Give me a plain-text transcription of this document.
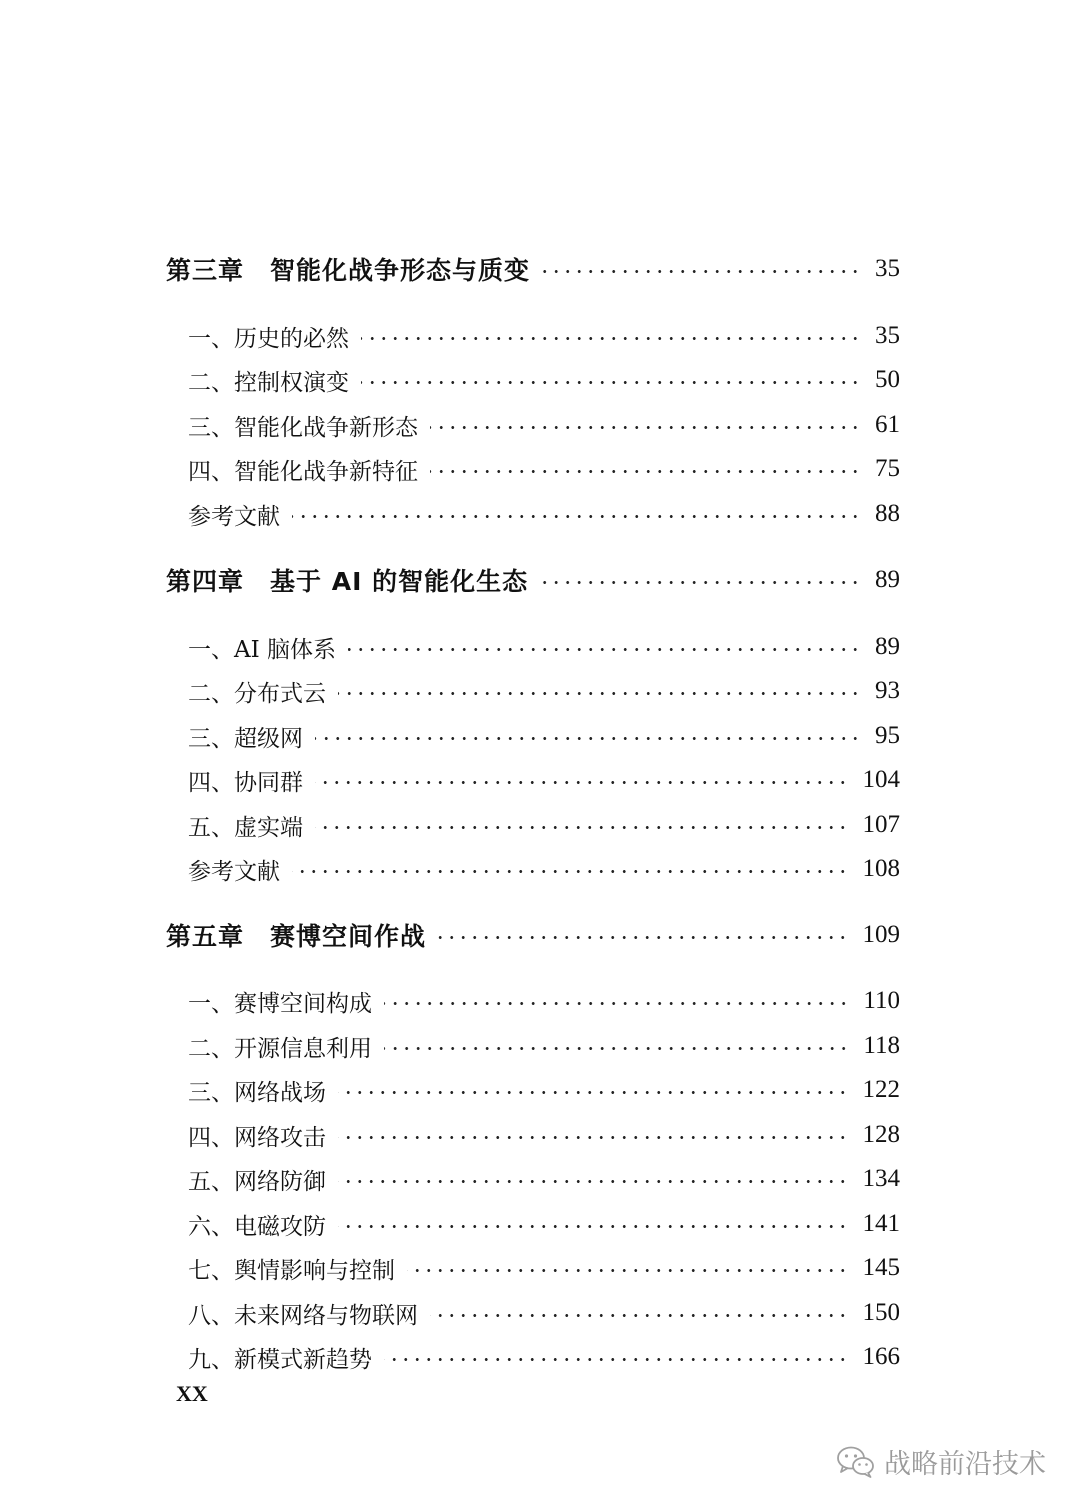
第三章 智能化战争形态与质变	35
一、历史的必然	35
二、控制权演变	50
三、智能化战争新形态	61
四、智能化战争新特征	75
参考文献	88
第四章 基于 AI 的智能化生态	89
一、AI 脑体系	89
二、分布式云	93
三、超级网	95
四、协同群	104
五、虚实端	107
参考文献	108
第五章 赛博空间作战	109
一、赛博空间构成	110
二、开源信息利用	118
三、网络战场	122
四、网络攻击	128
五、网络防御	134
六、电磁攻防	141
七、舆情影响与控制	145
八、未来网络与物联网	150
九、新模式新趋势	166
XX
战略前沿技术
